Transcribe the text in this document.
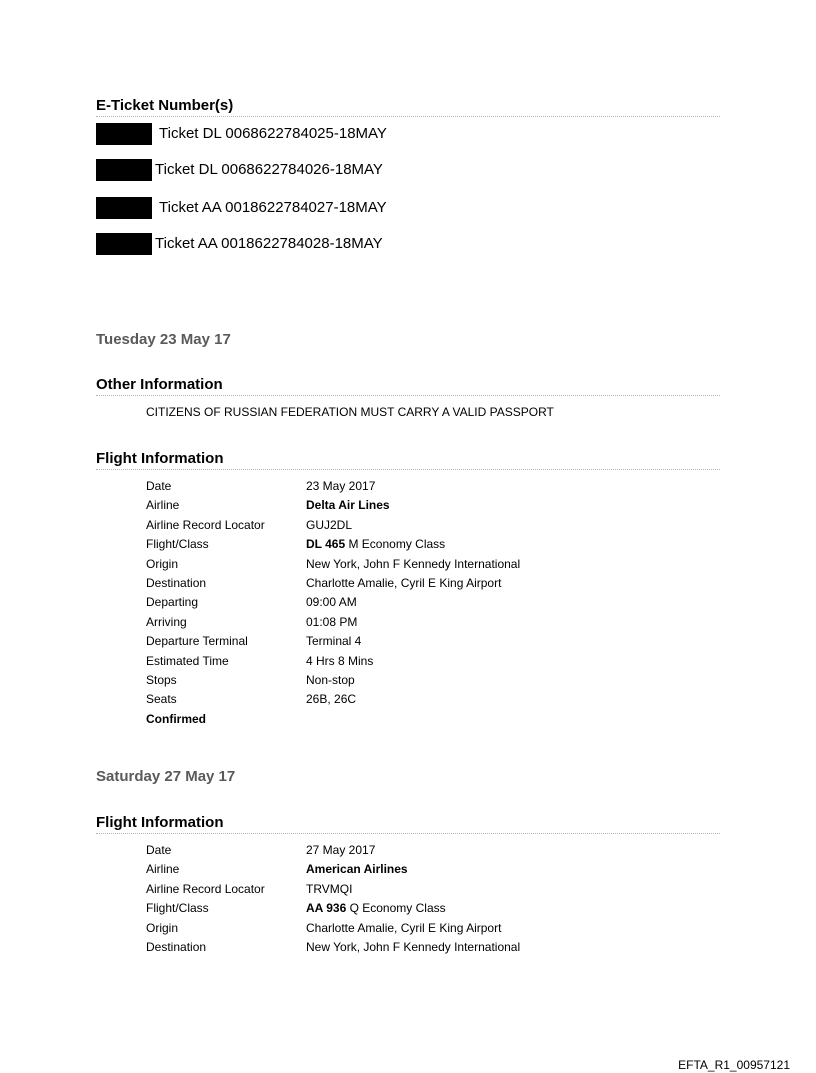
E-Ticket Number(s)
Ticket DL 0068622784025-18MAY
Ticket DL 0068622784026-18MAY
Ticket AA 0018622784027-18MAY
Ticket AA 0018622784028-18MAY
Tuesday 23 May 17
Other Information
CITIZENS OF RUSSIAN FEDERATION MUST CARRY A VALID PASSPORT
Flight Information
Date	23 May 2017
Airline	Delta Air Lines
Airline Record Locator	GUJ2DL
Flight/Class	DL 465 M Economy Class
Origin	New York, John F Kennedy International
Destination	Charlotte Amalie, Cyril E King Airport
Departing	09:00 AM
Arriving	01:08 PM
Departure Terminal	Terminal 4
Estimated Time	4 Hrs 8 Mins
Stops	Non-stop
Seats	26B, 26C
Confirmed
Saturday 27 May 17
Flight Information
Date	27 May 2017
Airline	American Airlines
Airline Record Locator	TRVMQI
Flight/Class	AA 936 Q Economy Class
Origin	Charlotte Amalie, Cyril E King Airport
Destination	New York, John F Kennedy International
EFTA_R1_00957121
